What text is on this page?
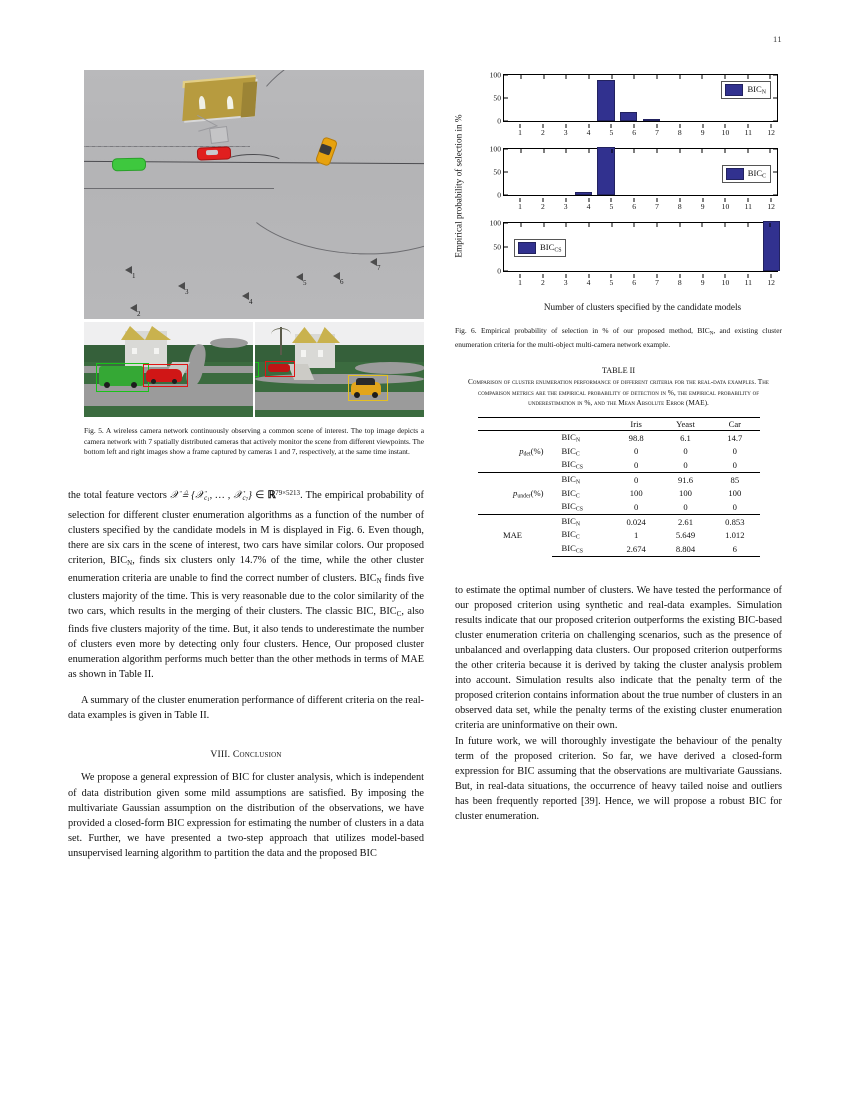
11
1
2
3
4
5	6
7
Fig. 5. A wireless camera network continuously observing a common scene of interest. The top image depicts a camera network with 7 spatially distributed cameras that actively monitor the scene from different viewpoints. The bottom left and right images show a frame captured by cameras 1 and 7, respectively, at the same time instant.

the total feature vectors 𝒳 ≜ {𝒳$_{c_1}$, … , 𝒳$_{c_7}$} ∈ ℝ$^{79\times 5213}$. The empirical probability of selection for different cluster enumeration algorithms as a function of the number of clusters specified by the candidate models in M is displayed in Fig. 6. Even though, there are six cars in the scene of interest, two cars have similar colors. Our proposed criterion, $BIC_N$, finds six clusters only 14.7% of the time, while the other cluster enumeration criteria are unable to find the correct number of clusters. $BIC_N$ finds five clusters majority of the time. This is very reasonable due to the color similarity of the two cars, which results in the merging of their clusters. The classic BIC, $BIC_C$, also finds five clusters majority of the time. But, it also tends to underestimate the number of clusters even more by detecting only four clusters. Hence, Our proposed cluster enumeration algorithm performs much better than the other methods in terms of MAE as shown in Table II.

A summary of the cluster enumeration performance of different criteria on the real-data examples is given in Table II.

VIII. Conclusion

We propose a general expression of BIC for cluster analysis, which is independent of data distribution given some mild assumptions are satisfied. By imposing the multivariate Gaussian assumption on the distribution of the observations, we have provided a closed-form BIC expression for estimating the number of clusters in a data set. Further, we have presented a two-step approach that utilizes model-based unsupervised learning algorithm to partition the data and the proposed BIC

Empirical probability of selection in %
100
50
0
$BIC_N$
1	2	3	4	5	6	7	8	9 10 11 12
100
50
0
$BIC_C$
1	2	3	4	5	6	7	8	9 10 11 12
100
50
0
$BIC_{CS}$
1	2	3	4	5	6	7	8	9 10 11 12
Number of clusters specified by the candidate models
Fig. 6. Empirical probability of selection in % of our proposed method, $BIC_N$, and existing cluster enumeration criteria for the multi-object multi-camera network example.
TABLE II
Comparison of cluster enumeration performance of different criteria for the real-data examples. The comparison metrics are the empirical probability of detection in %, the empirical probability of underestimation in %, and the Mean Absolute Error (MAE).
		Iris	Yeast	Car
$p_{det}(\%)$	$BIC_N$	98.8	6.1	14.7
	$BIC_C$	0	0	0
	$BIC_{CS}$	0	0	0
$p_{under}(\%)$	$BIC_N$	0	91.6	85
	$BIC_C$	100	100	100
	$BIC_{CS}$	0	0	0
MAE	$BIC_N$	0.024	2.61	0.853
	$BIC_C$	1	5.649	1.012
	$BIC_{CS}$	2.674	8.804	6

to estimate the optimal number of clusters. We have tested the performance of our proposed criterion using synthetic and real-data examples. Simulation results indicate that our proposed criterion outperforms the existing BIC-based cluster enumeration criteria on challenging scenarios, such as the presence of unbalanced and overlapping data clusters. Our proposed criterion outperforms the other criteria because it is derived by taking the cluster analysis problem into account. Simulation results also indicate that the penalty term of the proposed criterion contains information about the true number of clusters in an observed data set, while the penalty terms of the existing cluster enumeration criteria are uninformative on their own.

In future work, we will thoroughly investigate the behaviour of the penalty term of the proposed criterion. So far, we have derived a closed-form expression for BIC assuming that the observations are multivariate Gaussians. But, in real-data situations, the occurrence of heavy tailed noise and outliers has been frequently reported [39]. Hence, we will propose a robust BIC for cluster enumeration.
